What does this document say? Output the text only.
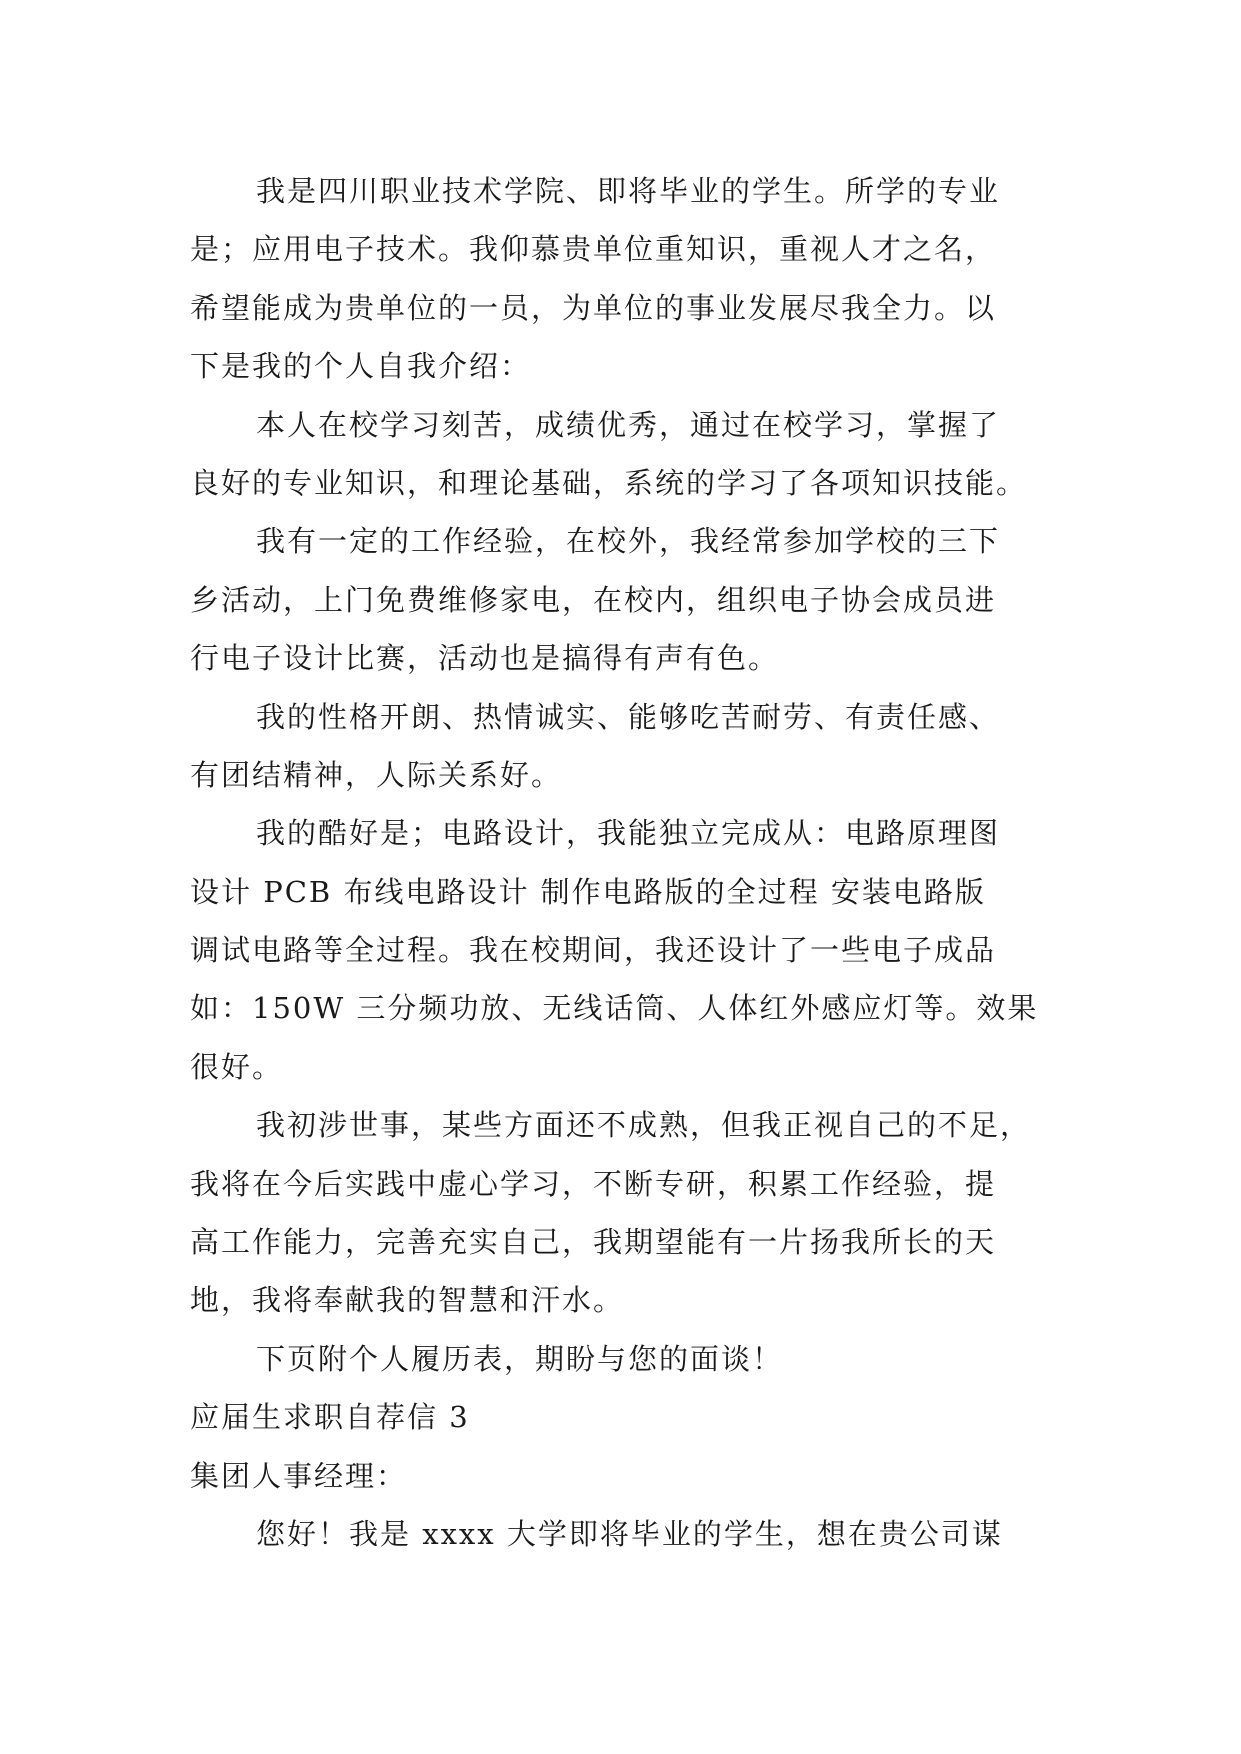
我是四川职业技术学院、即将毕业的学生。所学的专业
是；应用电子技术。我仰慕贵单位重知识，重视人才之名，
希望能成为贵单位的一员，为单位的事业发展尽我全力。以
下是我的个人自我介绍：
本人在校学习刻苦，成绩优秀，通过在校学习，掌握了
良好的专业知识，和理论基础，系统的学习了各项知识技能。
我有一定的工作经验，在校外，我经常参加学校的三下
乡活动，上门免费维修家电，在校内，组织电子协会成员进
行电子设计比赛，活动也是搞得有声有色。
我的性格开朗、热情诚实、能够吃苦耐劳、有责任感、
有团结精神，人际关系好。
我的酷好是；电路设计，我能独立完成从：电路原理图
设计 PCB 布线电路设计 制作电路版的全过程 安装电路版
调试电路等全过程。我在校期间，我还设计了一些电子成品
如：150W 三分频功放、无线话筒、人体红外感应灯等。效果
很好。
我初涉世事，某些方面还不成熟，但我正视自己的不足，
我将在今后实践中虚心学习，不断专研，积累工作经验，提
高工作能力，完善充实自己，我期望能有一片扬我所长的天
地，我将奉献我的智慧和汗水。
下页附个人履历表，期盼与您的面谈！
应届生求职自荐信 3
集团人事经理：
您好！我是 xxxx 大学即将毕业的学生，想在贵公司谋
